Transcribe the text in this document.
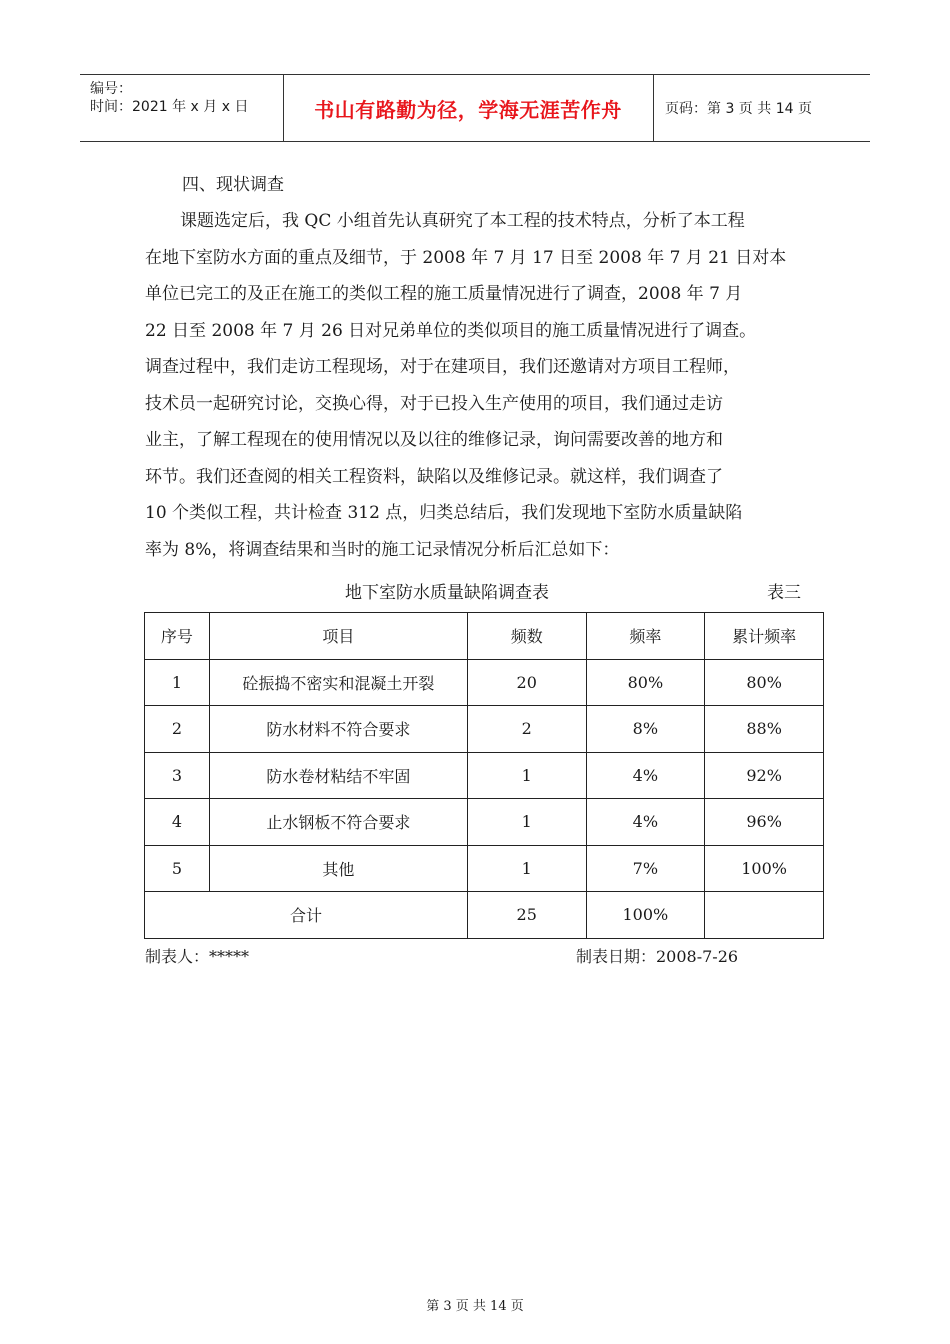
编号：
时间：2021 年 x 月 x 日	书山有路勤为径，学海无涯苦作舟	页码：第 3 页 共 14 页
四、现状调查
课题选定后，我 QC 小组首先认真研究了本工程的技术特点，分析了本工程
在地下室防水方面的重点及细节，于 2008 年 7 月 17 日至 2008 年 7 月 21 日对本
单位已完工的及正在施工的类似工程的施工质量情况进行了调查，2008 年 7 月
22 日至 2008 年 7 月 26 日对兄弟单位的类似项目的施工质量情况进行了调查。
调查过程中，我们走访工程现场，对于在建项目，我们还邀请对方项目工程师，
技术员一起研究讨论，交换心得，对于已投入生产使用的项目，我们通过走访
业主，了解工程现在的使用情况以及以往的维修记录，询问需要改善的地方和
环节。我们还查阅的相关工程资料，缺陷以及维修记录。就这样，我们调查了
10 个类似工程，共计检查 312 点，归类总结后，我们发现地下室防水质量缺陷
率为 8%，将调查结果和当时的施工记录情况分析后汇总如下：
地下室防水质量缺陷调查表	表三
序号	项目	频数	频率	累计频率
1	砼振捣不密实和混凝土开裂	20	80%	80%
2	防水材料不符合要求	2	8%	88%
3	防水卷材粘结不牢固	1	4%	92%
4	止水钢板不符合要求	1	4%	96%
5	其他	1	7%	100%
合计		25	100%	
制表人：*****	制表日期：2008-7-26
第 3 页 共 14 页
